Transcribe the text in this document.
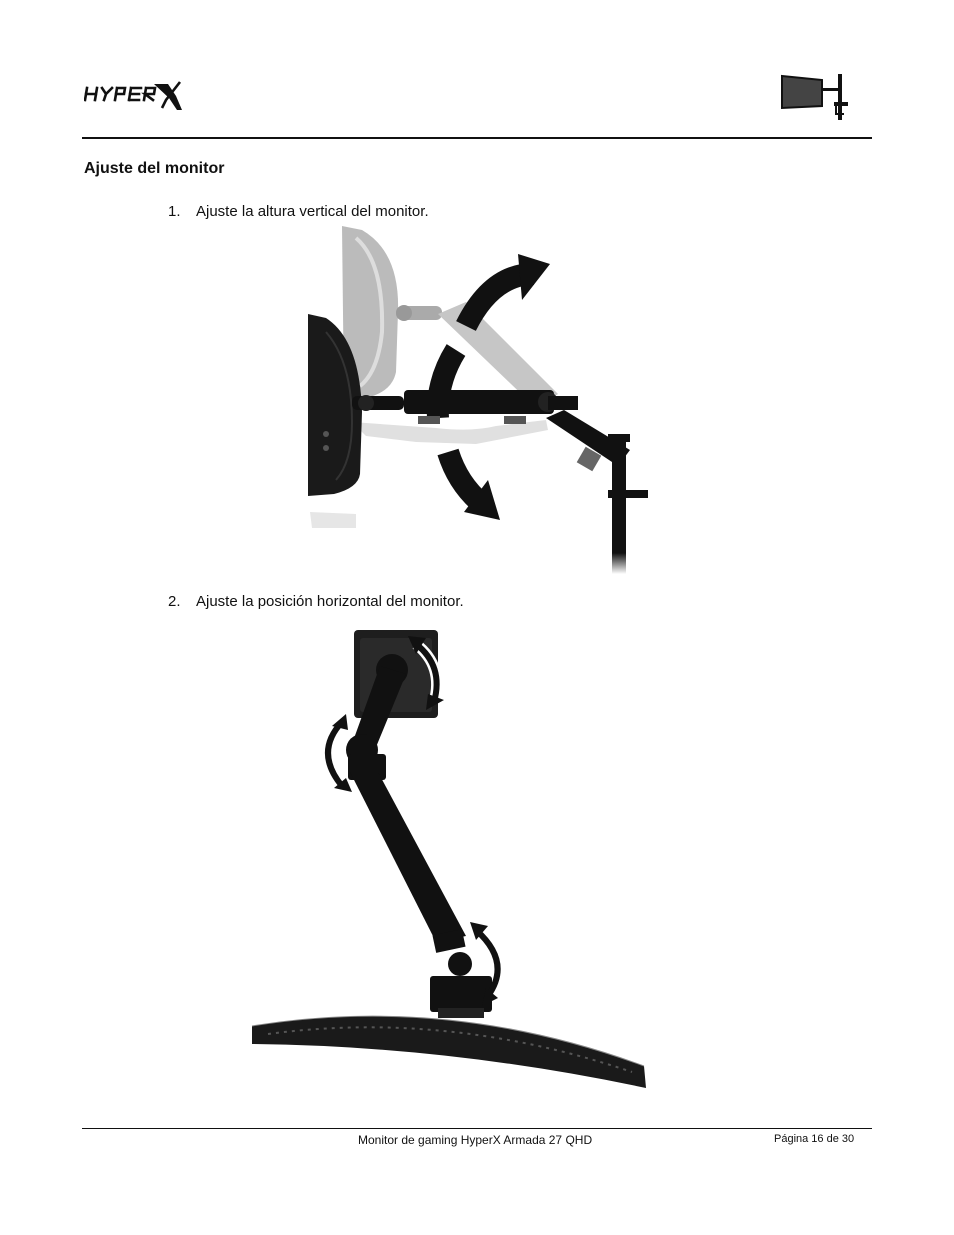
Ajuste del monitor
1. Ajuste la altura vertical del monitor.
2. Ajuste la posición horizontal del monitor.
Monitor de gaming HyperX Armada 27 QHD	Página 16 de 30
